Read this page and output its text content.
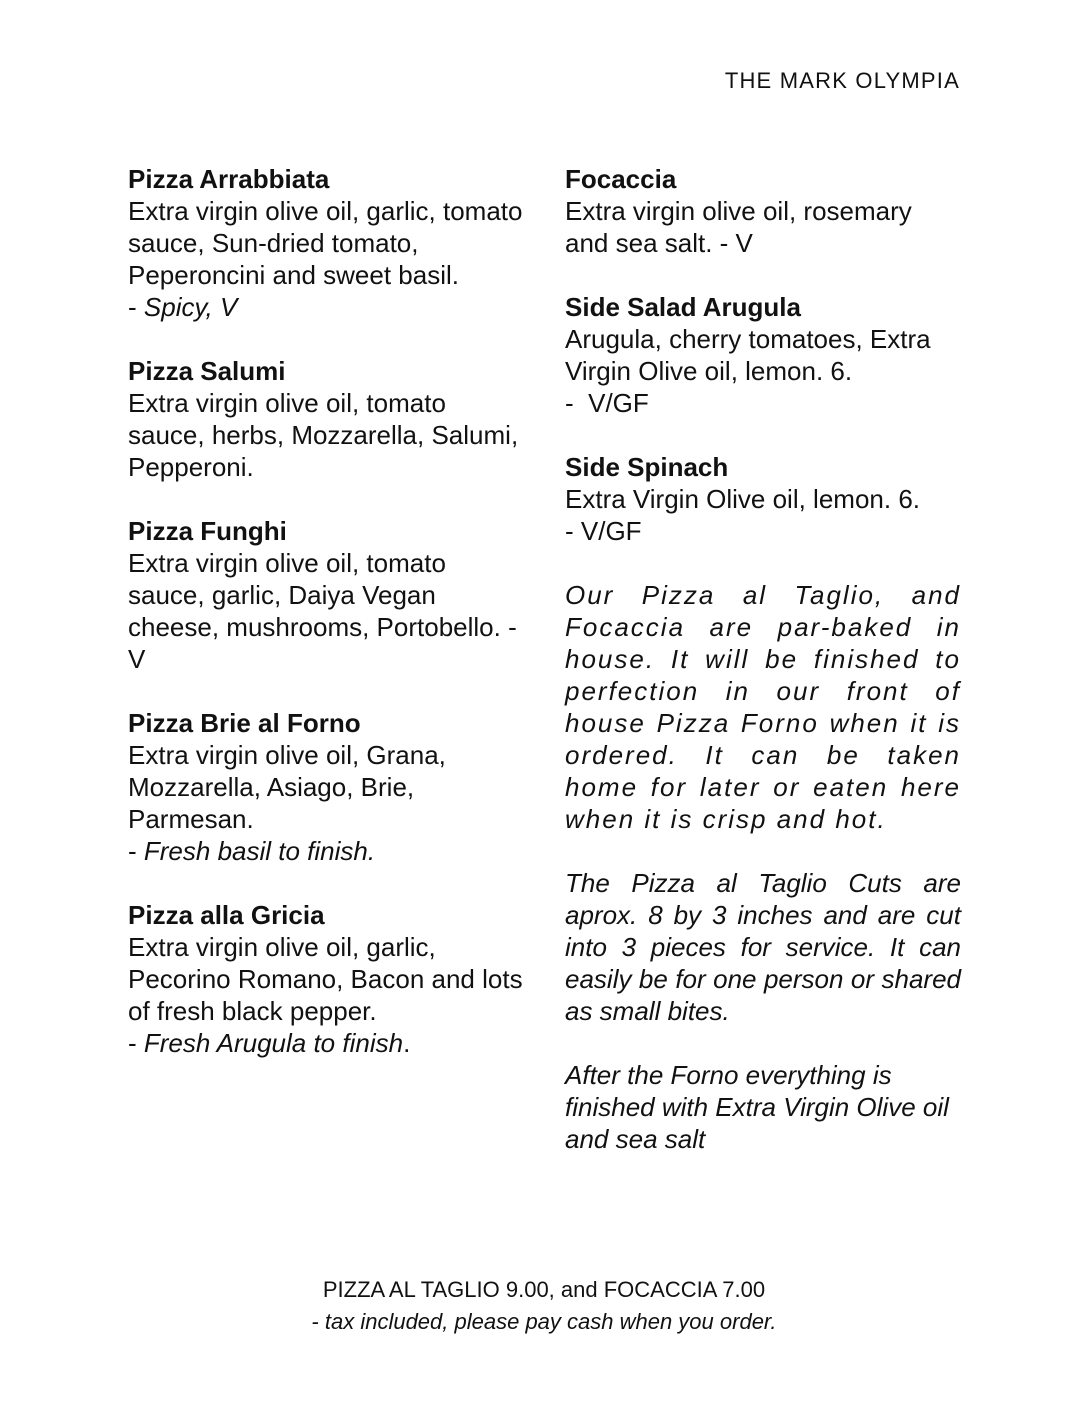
THE MARK OLYMPIA
Pizza Arrabbiata
Extra virgin olive oil, garlic, tomato sauce, Sun-dried tomato, Peperoncini and sweet basil.
- Spicy, V
Pizza Salumi
Extra virgin olive oil, tomato sauce, herbs, Mozzarella, Salumi, Pepperoni.
Pizza Funghi
Extra virgin olive oil, tomato sauce, garlic, Daiya Vegan cheese, mushrooms, Portobello. - V
Pizza Brie al Forno
Extra virgin olive oil, Grana, Mozzarella, Asiago, Brie, Parmesan.
- Fresh basil to finish.
Pizza alla Gricia
Extra virgin olive oil, garlic, Pecorino Romano, Bacon and lots of fresh black pepper.
- Fresh Arugula to finish.
Focaccia
Extra virgin olive oil, rosemary and sea salt. - V
Side Salad Arugula
Arugula, cherry tomatoes, Extra Virgin Olive oil, lemon. 6.
-  V/GF
Side Spinach
Extra Virgin Olive oil, lemon. 6.
- V/GF

Our Pizza al Taglio, and Focaccia are par-baked in house. It will be finished to perfection in our front of house Pizza Forno when it is ordered. It can be taken home for later or eaten here when it is crisp and hot.

The Pizza al Taglio Cuts are aprox. 8 by 3 inches and are cut into 3 pieces for service. It can easily be for one person or shared as small bites.

After the Forno everything is finished with Extra Virgin Olive oil and sea salt

PIZZA AL TAGLIO 9.00, and FOCACCIA 7.00
- tax included, please pay cash when you order.
